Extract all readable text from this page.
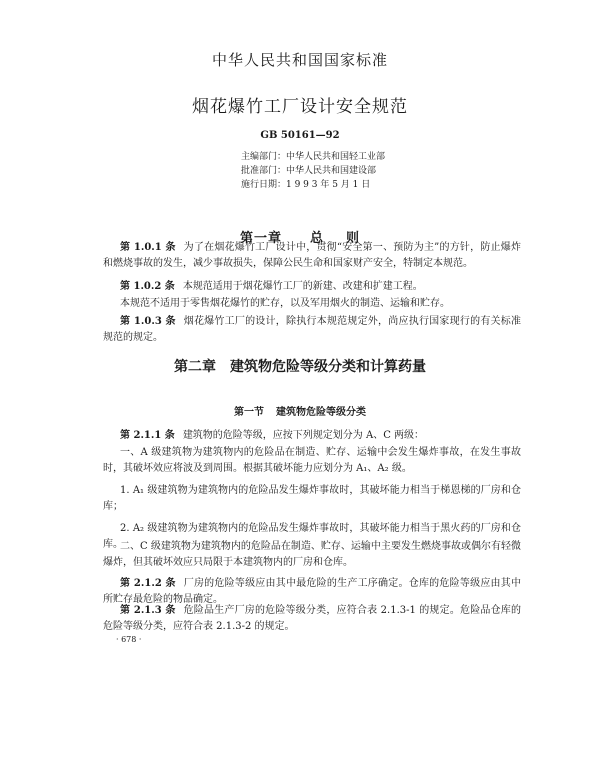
中华人民共和国国家标准
烟花爆竹工厂设计安全规范
GB 50161—92
主编部门：中华人民共和国轻工业部
批准部门：中华人民共和国建设部
施行日期：1 9 9 3 年 5 月 1 日
第一章 总 则
第 1.0.1 条 为了在烟花爆竹工厂设计中，贯彻“安全第一、预防为主”的方针，防止爆炸和燃烧事故的发生，减少事故损失，保障公民生命和国家财产安全，特制定本规范。
第 1.0.2 条 本规范适用于烟花爆竹工厂的新建、改建和扩建工程。
本规范不适用于零售烟花爆竹的贮存，以及军用烟火的制造、运输和贮存。
第 1.0.3 条 烟花爆竹工厂的设计，除执行本规范规定外，尚应执行国家现行的有关标准规范的规定。
第二章 建筑物危险等级分类和计算药量
第一节 建筑物危险等级分类
第 2.1.1 条 建筑物的危险等级，应按下列规定划分为 A、C 两级：
一、A 级建筑物为建筑物内的危险品在制造、贮存、运输中会发生爆炸事故，在发生事故时，其破坏效应将波及到周围。根据其破坏能力应划分为 A₁、A₂ 级。
1. A₁ 级建筑物为建筑物内的危险品发生爆炸事故时，其破坏能力相当于梯恩梯的厂房和仓库；
2. A₂ 级建筑物为建筑物内的危险品发生爆炸事故时，其破坏能力相当于黑火药的厂房和仓库。
二、C 级建筑物为建筑物内的危险品在制造、贮存、运输中主要发生燃烧事故或偶尔有轻微爆炸，但其破坏效应只局限于本建筑物内的厂房和仓库。
第 2.1.2 条 厂房的危险等级应由其中最危险的生产工序确定。仓库的危险等级应由其中所贮存最危险的物品确定。
第 2.1.3 条 危险品生产厂房的危险等级分类，应符合表 2.1.3-1 的规定。危险品仓库的危险等级分类，应符合表 2.1.3-2 的规定。
· 678 ·
